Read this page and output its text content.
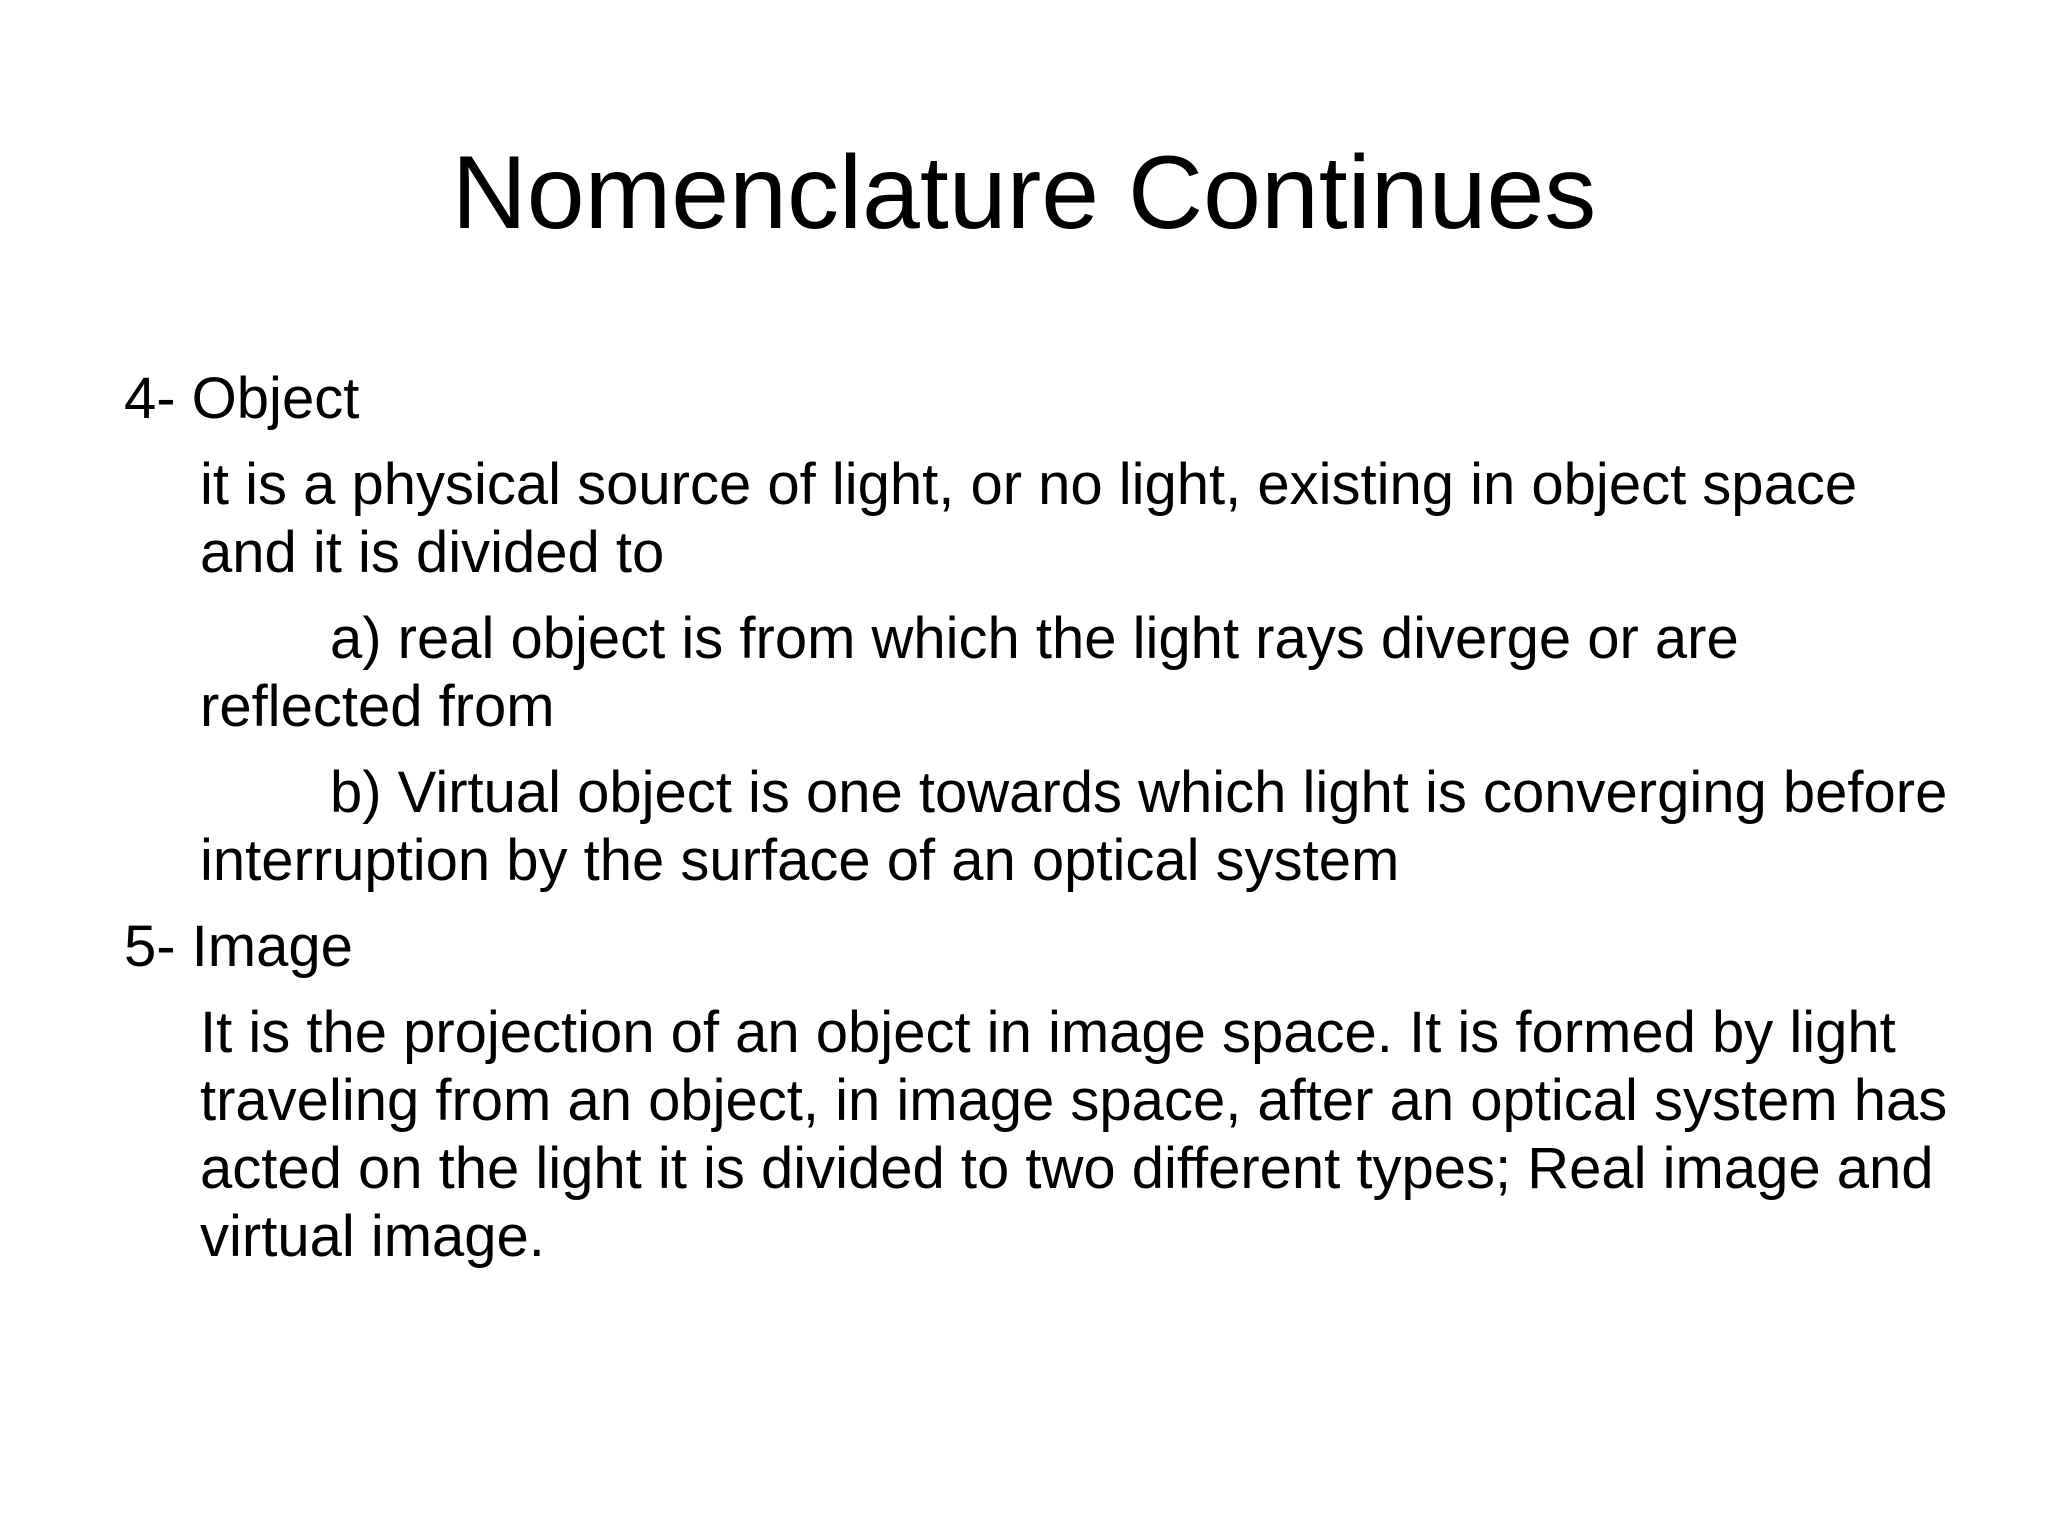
Nomenclature Continues
4- Object
it is a physical source of light, or no light, existing in object space and it is divided to
a) real object is from which the light rays diverge or are reflected from
b) Virtual object is one towards which light is converging before interruption by the surface of an optical system
5- Image
It is the projection of an object in image space. It is formed by light traveling from an object, in image space, after an optical system has acted on the light it is divided to two different types; Real image and virtual image.
